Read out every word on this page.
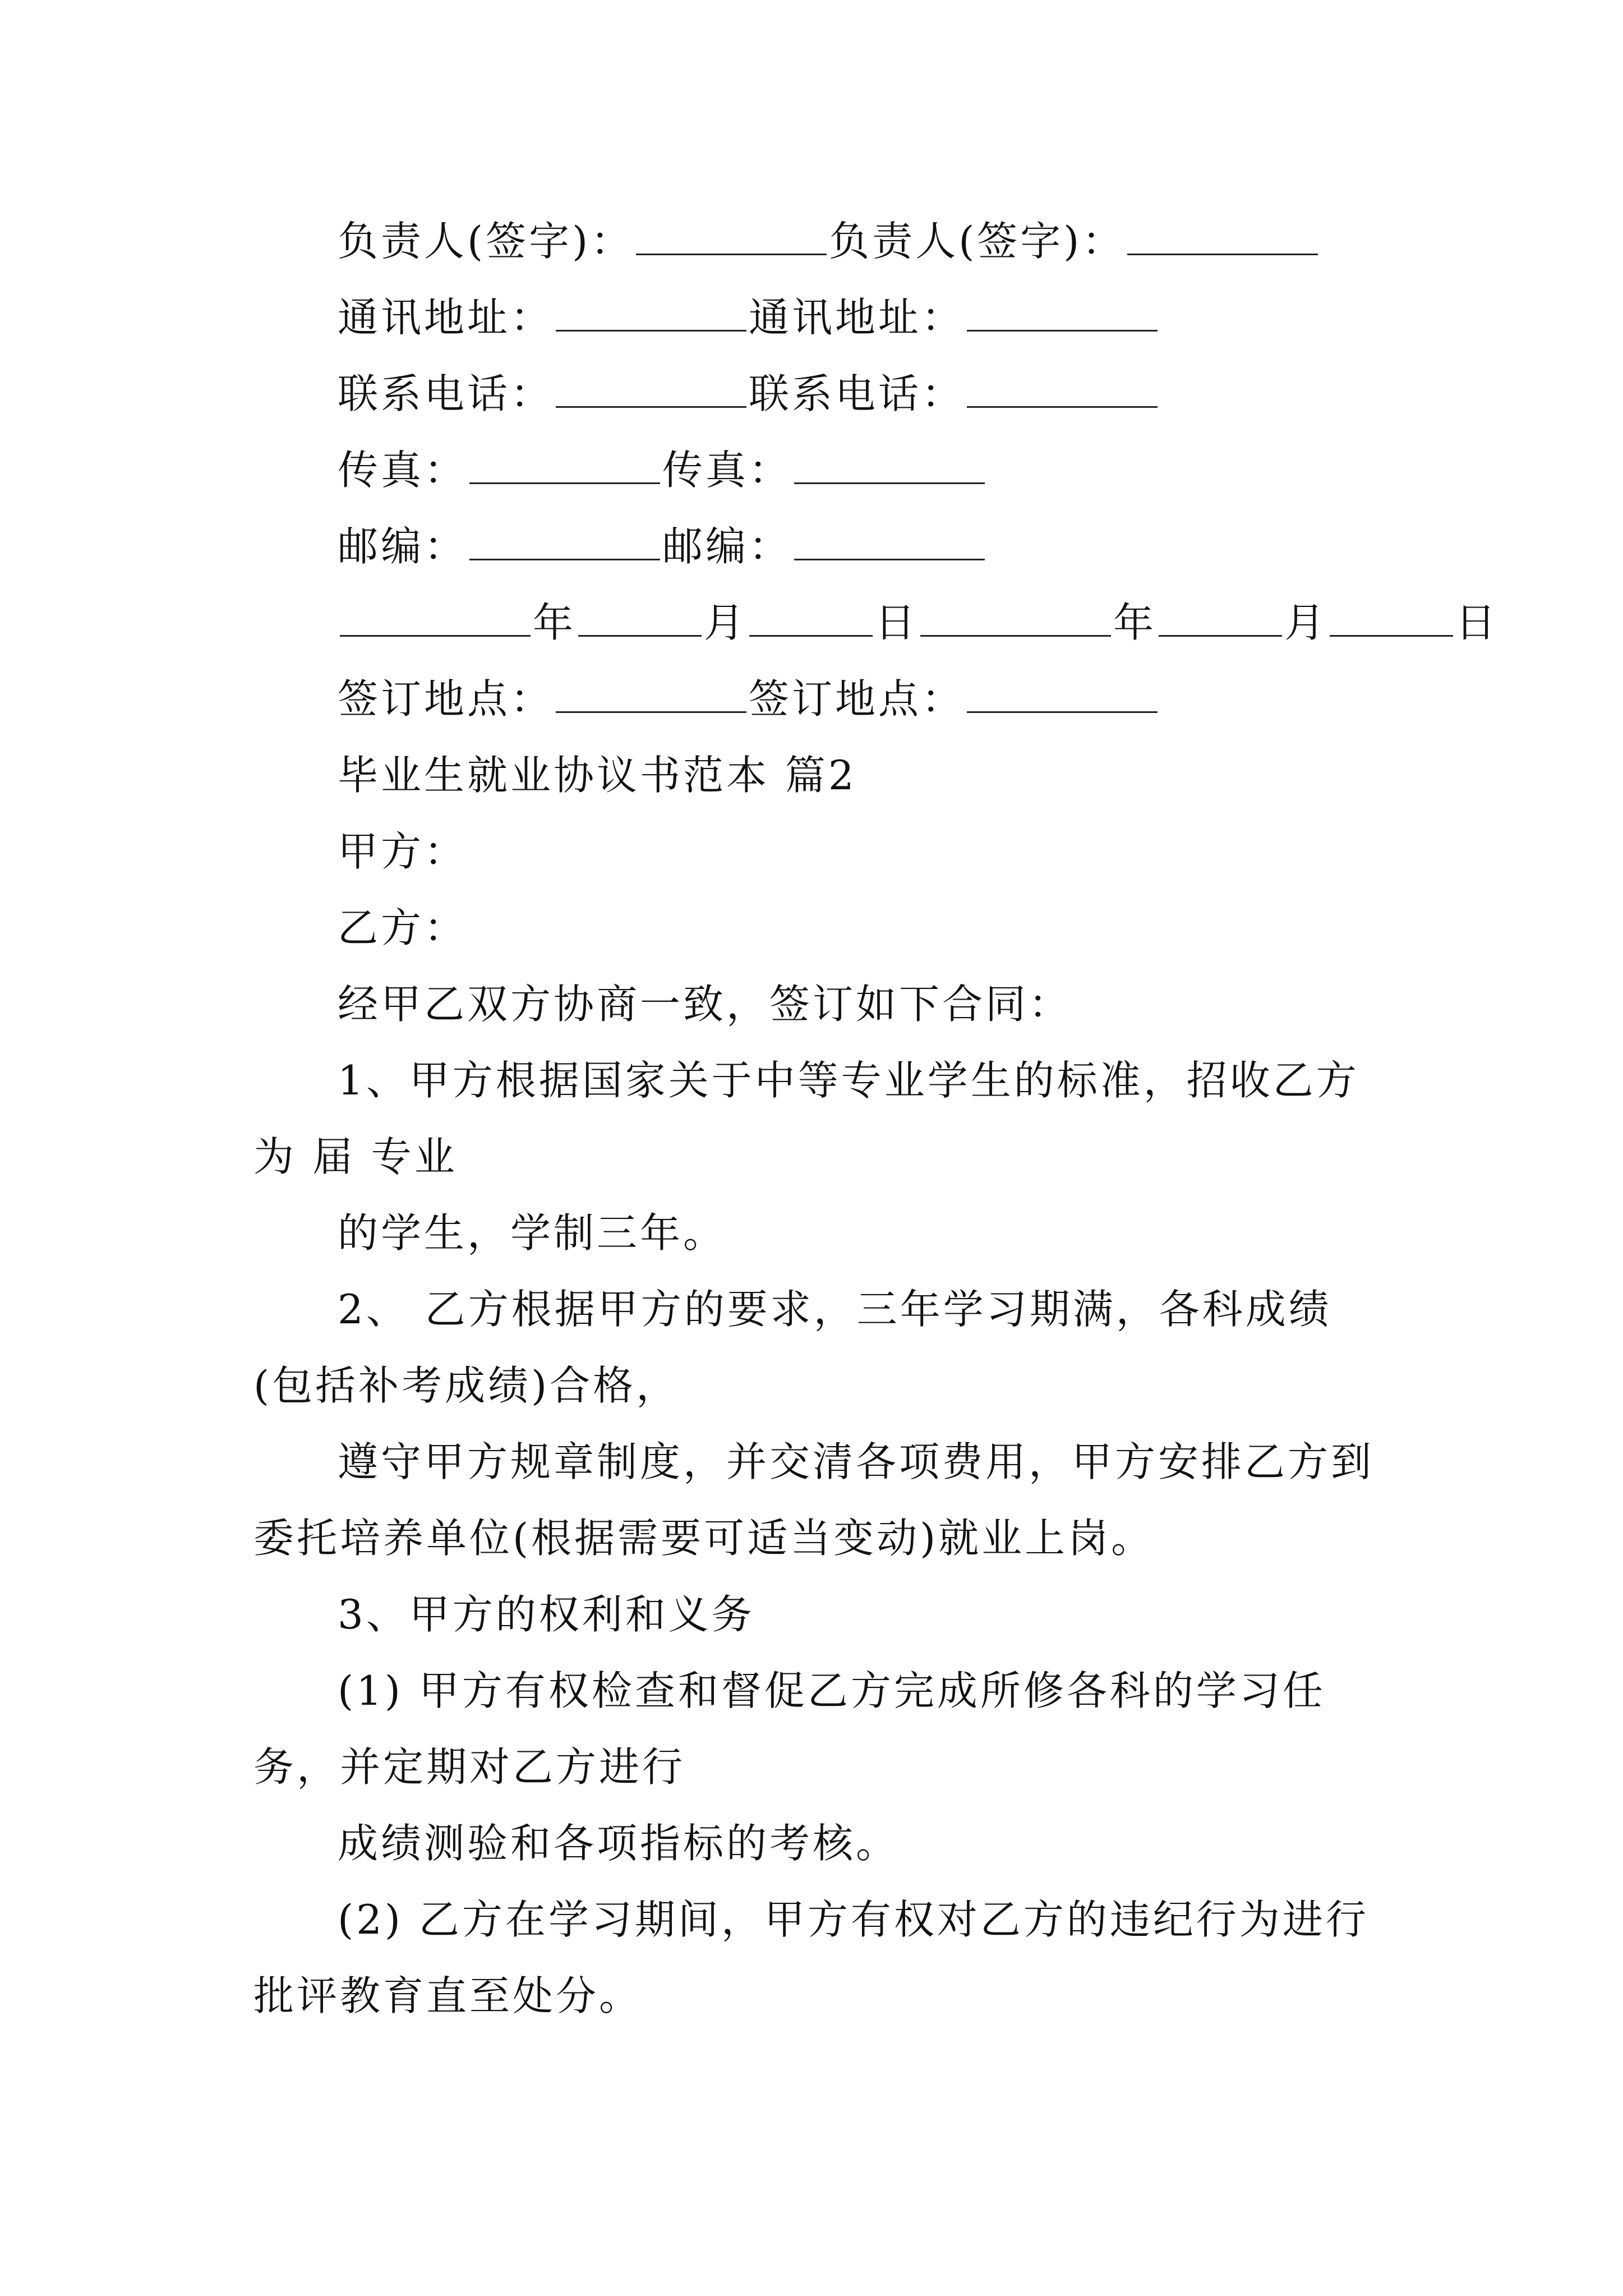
负责人(签字)：	负责人(签字)：
通讯地址：	通讯地址：
联系电话：	联系电话：
传真：	传真：
邮编：	邮编：
年	月	日	年	月	日
签订地点：	签订地点：
毕业生就业协议书范本 篇2
甲方：
乙方：
经甲乙双方协商一致，签订如下合同：
1、甲方根据国家关于中等专业学生的标准，招收乙方为 届 专业
的学生，学制三年。
2、 乙方根据甲方的要求，三年学习期满，各科成绩(包括补考成绩)合格，
遵守甲方规章制度，并交清各项费用，甲方安排乙方到委托培养单位(根据需要可适当变动)就业上岗。
3、甲方的权利和义务
(1) 甲方有权检查和督促乙方完成所修各科的学习任务，并定期对乙方进行
成绩测验和各项指标的考核。
(2) 乙方在学习期间，甲方有权对乙方的违纪行为进行批评教育直至处分。
